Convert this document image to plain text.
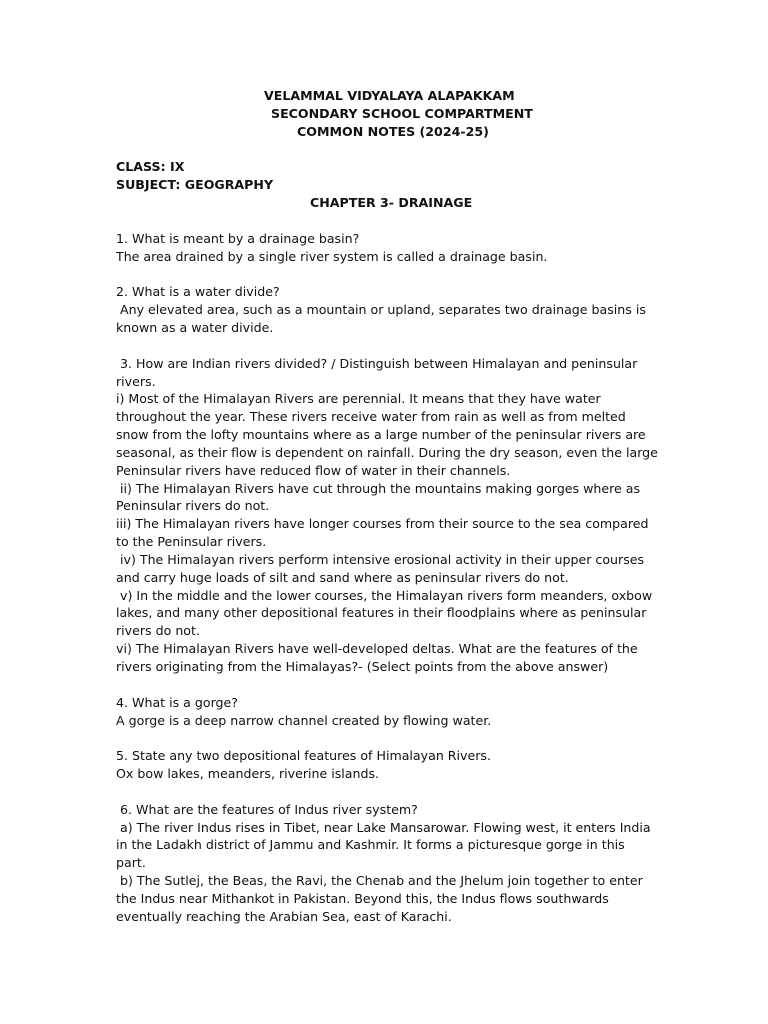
VELAMMAL VIDYALAYA ALAPAKKAM
SECONDARY SCHOOL COMPARTMENT
COMMON NOTES (2024-25)
CLASS: IX
SUBJECT: GEOGRAPHY
CHAPTER 3- DRAINAGE
1. What is meant by a drainage basin?
The area drained by a single river system is called a drainage basin.
2. What is a water divide?
Any elevated area, such as a mountain or upland, separates two drainage basins is
known as a water divide.
3. How are Indian rivers divided? / Distinguish between Himalayan and peninsular
rivers.
i) Most of the Himalayan Rivers are perennial. It means that they have water
throughout the year. These rivers receive water from rain as well as from melted
snow from the lofty mountains where as a large number of the peninsular rivers are
seasonal, as their flow is dependent on rainfall. During the dry season, even the large
Peninsular rivers have reduced flow of water in their channels.
ii) The Himalayan Rivers have cut through the mountains making gorges where as
Peninsular rivers do not.
iii) The Himalayan rivers have longer courses from their source to the sea compared
to the Peninsular rivers.
iv) The Himalayan rivers perform intensive erosional activity in their upper courses
and carry huge loads of silt and sand where as peninsular rivers do not.
v) In the middle and the lower courses, the Himalayan rivers form meanders, oxbow
lakes, and many other depositional features in their floodplains where as peninsular
rivers do not.
vi) The Himalayan Rivers have well-developed deltas. What are the features of the
rivers originating from the Himalayas?- (Select points from the above answer)
4. What is a gorge?
A gorge is a deep narrow channel created by flowing water.
5. State any two depositional features of Himalayan Rivers.
Ox bow lakes, meanders, riverine islands.
6. What are the features of Indus river system?
a) The river Indus rises in Tibet, near Lake Mansarowar. Flowing west, it enters India
in the Ladakh district of Jammu and Kashmir. It forms a picturesque gorge in this
part.
b) The Sutlej, the Beas, the Ravi, the Chenab and the Jhelum join together to enter
the Indus near Mithankot in Pakistan. Beyond this, the Indus flows southwards
eventually reaching the Arabian Sea, east of Karachi.
